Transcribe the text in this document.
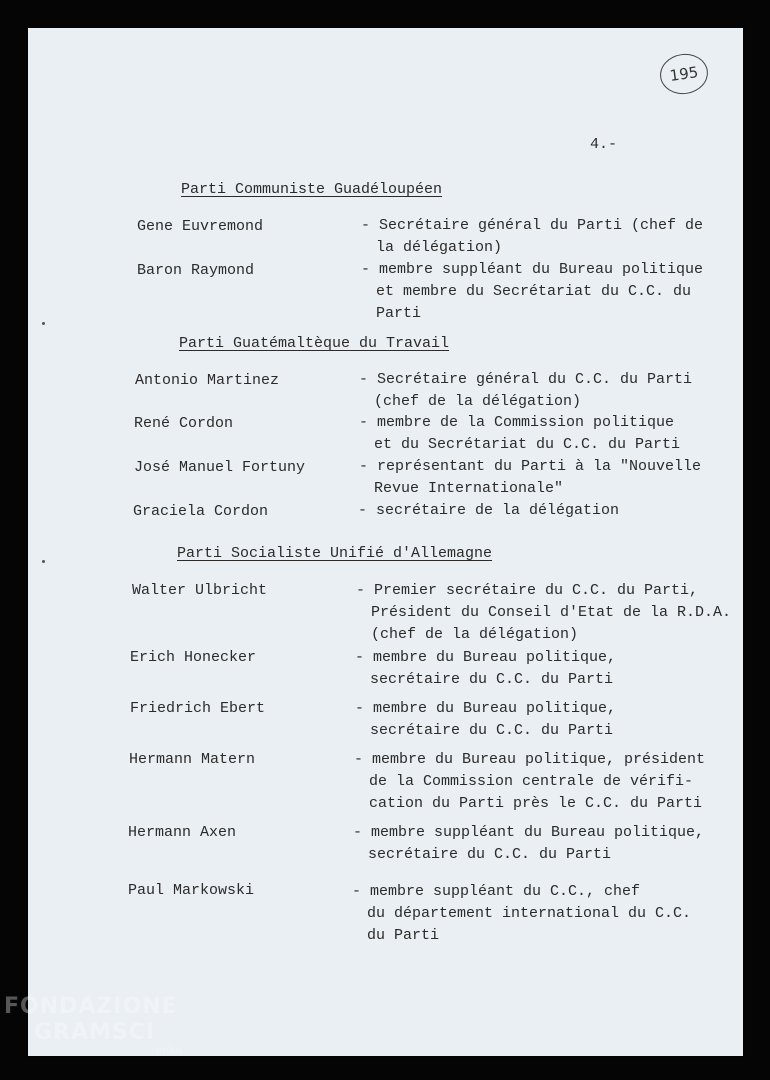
195
4.-
Parti Communiste Guadéloupéen
Gene Euvremond	- Secrétaire général du Parti (chef de
la délégation)
Baron Raymond	- membre suppléant du Bureau politique
et membre du Secrétariat du C.C. du
Parti
Parti Guatémaltèque du Travail
Antonio Martinez	- Secrétaire général du C.C. du Parti
(chef de la délégation)
René Cordon	- membre de la Commission politique
et du Secrétariat du C.C. du Parti
José Manuel Fortuny	- représentant du Parti à la "Nouvelle
Revue Internationale"
Graciela Cordon	- secrétaire de la délégation
Parti Socialiste Unifié d'Allemagne
Walter Ulbricht	- Premier secrétaire du C.C. du Parti,
Président du Conseil d'Etat de la R.D.A.
(chef de la délégation)
Erich Honecker	- membre du Bureau politique,
secrétaire du C.C. du Parti
Friedrich Ebert	- membre du Bureau politique,
secrétaire du C.C. du Parti
Hermann Matern	- membre du Bureau politique, président
de la Commission centrale de vérifi-
cation du Parti près le C.C. du Parti
Hermann Axen	- membre suppléant du Bureau politique,
secrétaire du C.C. du Parti
Paul Markowski	- membre suppléant du C.C., chef
du département international du C.C.
du Parti
FONDAZIONE
GRAMSCI
onlus
